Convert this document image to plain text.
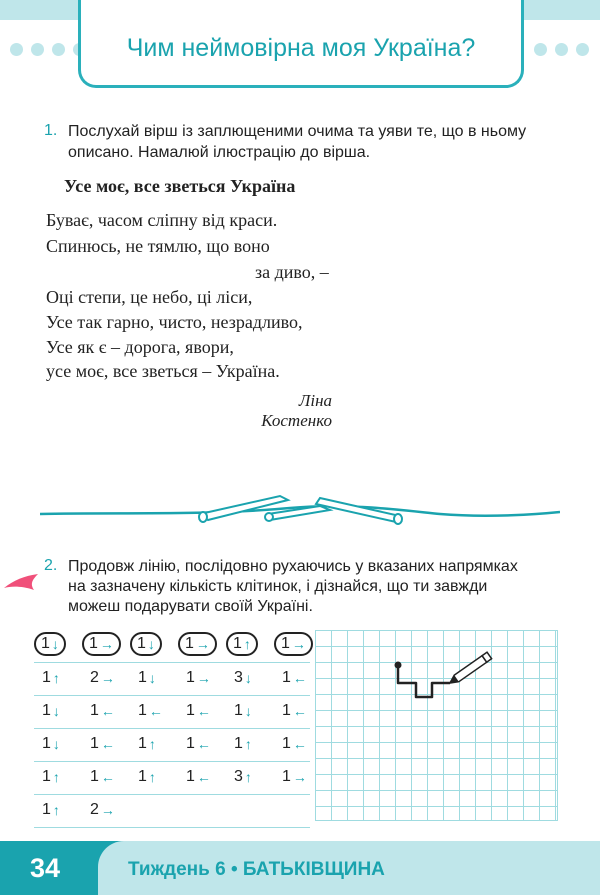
Чим неймовірна моя Україна?
1. Послухай вірш із заплющеними очима та уяви те, що в ньому
описано. Намалюй ілюстрацію до вірша.
Усе моє, все зветься Україна
Буває, часом сліпну від краси.
Спинюсь, не тямлю, що воно
за диво, –
Оці степи, це небо, ці ліси,
Усе так гарно, чисто, незрадливо,
Усе як є – дорога, явори,
усе моє, все зветься – Україна.
Ліна Костенко
2. Продовж лінію, послідовно рухаючись у вказаних напрямках
на зазначену кількість клітинок, і дізнайся, що ти завжди
можеш подарувати своїй Україні.
1 ↓ 1 → 1 ↓ 1 → 1 ↑ 1 →
1 ↑ 2 → 1 ↓ 1 → 3 ↓ 1 ←
1 ↓ 1 ← 1 ← 1 ← 1 ↓ 1 ←
1 ↓ 1 ← 1 ↑ 1 ← 1 ↑ 1 ←
1 ↑ 1 ← 1 ↑ 1 ← 3 ↑ 1 →
1 ↑ 2 →
34	Тиждень 6 • БАТЬКІВЩИНА
